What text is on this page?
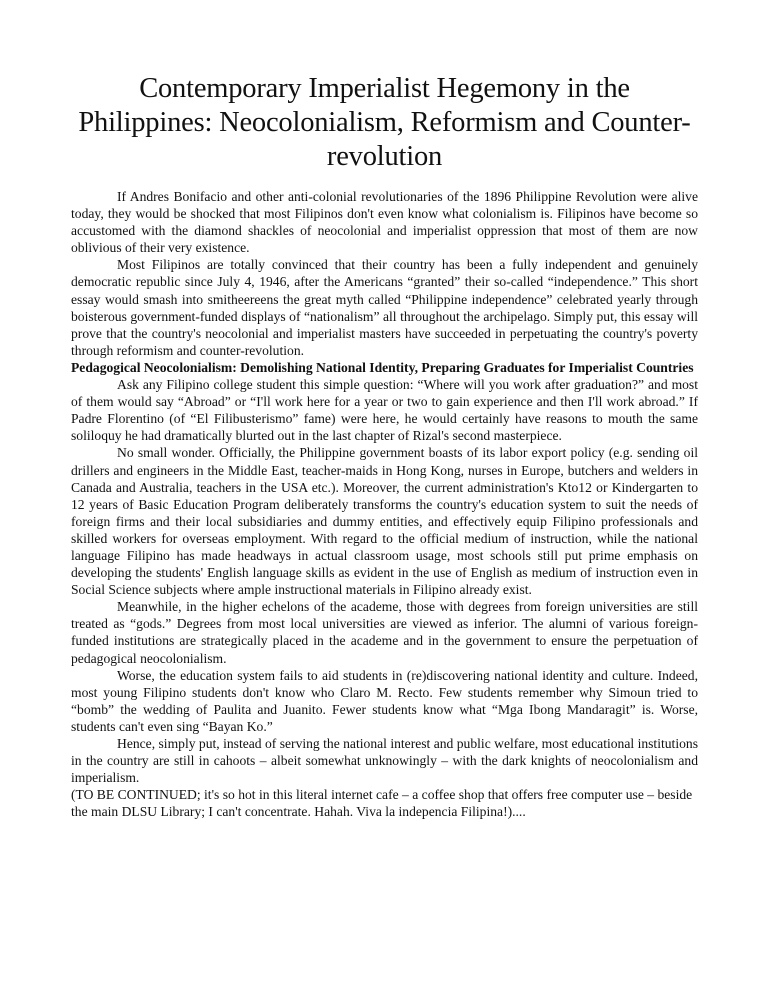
Contemporary Imperialist Hegemony in the Philippines: Neocolonialism, Reformism and Counter-revolution

If Andres Bonifacio and other anti-colonial revolutionaries of the 1896 Philippine Revolution were alive today, they would be shocked that most Filipinos don't even know what colonialism is. Filipinos have become so accustomed with the diamond shackles of neocolonial and imperialist oppression that most of them are now oblivious of their very existence.

Most Filipinos are totally convinced that their country has been a fully independent and genuinely democratic republic since July 4, 1946, after the Americans “granted” their so-called “independence.” This short essay would smash into smitheereens the great myth called “Philippine independence” celebrated yearly through boisterous government-funded displays of “nationalism” all throughout the archipelago. Simply put, this essay will prove that the country's neocolonial and imperialist masters have succeeded in perpetuating the country's poverty through reformism and counter-revolution.

Pedagogical Neocolonialism: Demolishing National Identity, Preparing Graduates for Imperialist Countries

Ask any Filipino college student this simple question: “Where will you work after graduation?” and most of them would say “Abroad” or “I'll work here for a year or two to gain experience and then I'll work abroad.” If Padre Florentino (of “El Filibusterismo” fame) were here, he would certainly have reasons to mouth the same soliloquy he had dramatically blurted out in the last chapter of Rizal's second masterpiece.

No small wonder. Officially, the Philippine government boasts of its labor export policy (e.g. sending oil drillers and engineers in the Middle East, teacher-maids in Hong Kong, nurses in Europe, butchers and welders in Canada and Australia, teachers in the USA etc.). Moreover, the current administration's Kto12 or Kindergarten to 12 years of Basic Education Program deliberately transforms the country's education system to suit the needs of foreign firms and their local subsidiaries and dummy entities, and effectively equip Filipino professionals and skilled workers for overseas employment. With regard to the official medium of instruction, while the national language Filipino has made headways in actual classroom usage, most schools still put prime emphasis on developing the students' English language skills as evident in the use of English as medium of instruction even in Social Science subjects where ample instructional materials in Filipino already exist.

Meanwhile, in the higher echelons of the academe, those with degrees from foreign universities are still treated as “gods.” Degrees from most local universities are viewed as inferior. The alumni of various foreign-funded institutions are strategically placed in the academe and in the government to ensure the perpetuation of pedagogical neocolonialism.

Worse, the education system fails to aid students in (re)discovering national identity and culture. Indeed, most young Filipino students don't know who Claro M. Recto. Few students remember why Simoun tried to “bomb” the wedding of Paulita and Juanito. Fewer students know what “Mga Ibong Mandaragit” is. Worse, students can't even sing “Bayan Ko.”

Hence, simply put, instead of serving the national interest and public welfare, most educational institutions in the country are still in cahoots – albeit somewhat unknowingly – with the dark knights of neocolonialism and imperialism.

(TO BE CONTINUED; it's so hot in this literal internet cafe – a coffee shop that offers free computer use – beside the main DLSU Library; I can't concentrate. Hahah. Viva la indepencia Filipina!)....
